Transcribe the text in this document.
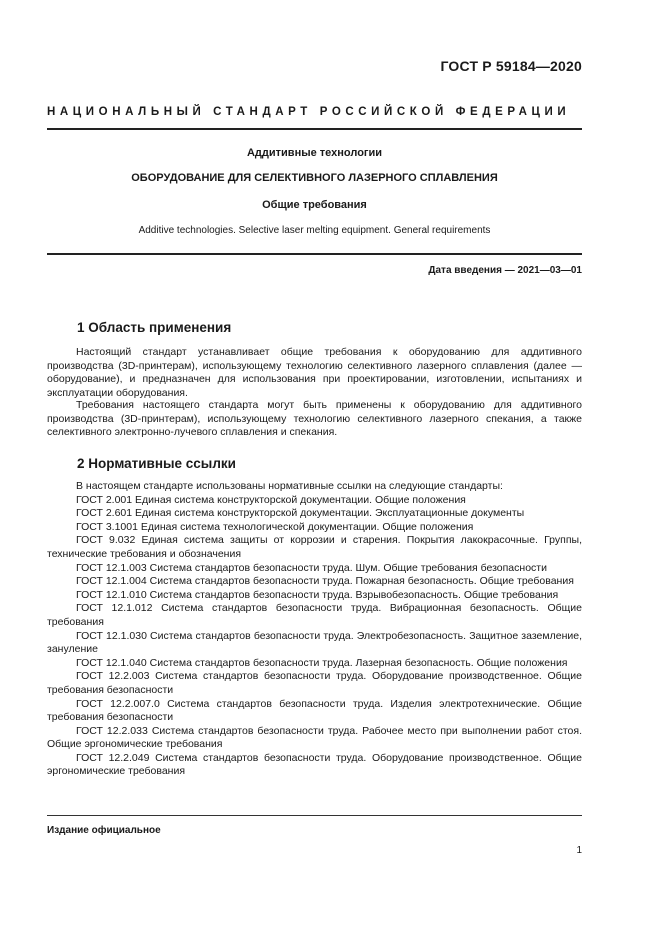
ГОСТ Р 59184—2020
НАЦИОНАЛЬНЫЙ СТАНДАРТ РОССИЙСКОЙ ФЕДЕРАЦИИ
Аддитивные технологии
ОБОРУДОВАНИЕ ДЛЯ СЕЛЕКТИВНОГО ЛАЗЕРНОГО СПЛАВЛЕНИЯ
Общие требования
Additive technologies. Selective laser melting equipment. General requirements
Дата введения — 2021—03—01
1 Область применения
Настоящий стандарт устанавливает общие требования к оборудованию для аддитивного производства (3D-принтерам), использующему технологию селективного лазерного сплавления (далее — оборудование), и предназначен для использования при проектировании, изготовлении, испытаниях и эксплуатации оборудования.
Требования настоящего стандарта могут быть применены к оборудованию для аддитивного производства (3D-принтерам), использующему технологию селективного лазерного спекания, а также селективного электронно-лучевого сплавления и спекания.
2 Нормативные ссылки
В настоящем стандарте использованы нормативные ссылки на следующие стандарты:
ГОСТ 2.001 Единая система конструкторской документации. Общие положения
ГОСТ 2.601 Единая система конструкторской документации. Эксплуатационные документы
ГОСТ 3.1001 Единая система технологической документации. Общие положения
ГОСТ 9.032 Единая система защиты от коррозии и старения. Покрытия лакокрасочные. Группы, технические требования и обозначения
ГОСТ 12.1.003 Система стандартов безопасности труда. Шум. Общие требования безопасности
ГОСТ 12.1.004 Система стандартов безопасности труда. Пожарная безопасность. Общие требования
ГОСТ 12.1.010 Система стандартов безопасности труда. Взрывобезопасность. Общие требования
ГОСТ 12.1.012 Система стандартов безопасности труда. Вибрационная безопасность. Общие требования
ГОСТ 12.1.030 Система стандартов безопасности труда. Электробезопасность. Защитное заземление, зануление
ГОСТ 12.1.040 Система стандартов безопасности труда. Лазерная безопасность. Общие положения
ГОСТ 12.2.003 Система стандартов безопасности труда. Оборудование производственное. Общие требования безопасности
ГОСТ 12.2.007.0 Система стандартов безопасности труда. Изделия электротехнические. Общие требования безопасности
ГОСТ 12.2.033 Система стандартов безопасности труда. Рабочее место при выполнении работ стоя. Общие эргономические требования
ГОСТ 12.2.049 Система стандартов безопасности труда. Оборудование производственное. Общие эргономические требования
Издание официальное
1
